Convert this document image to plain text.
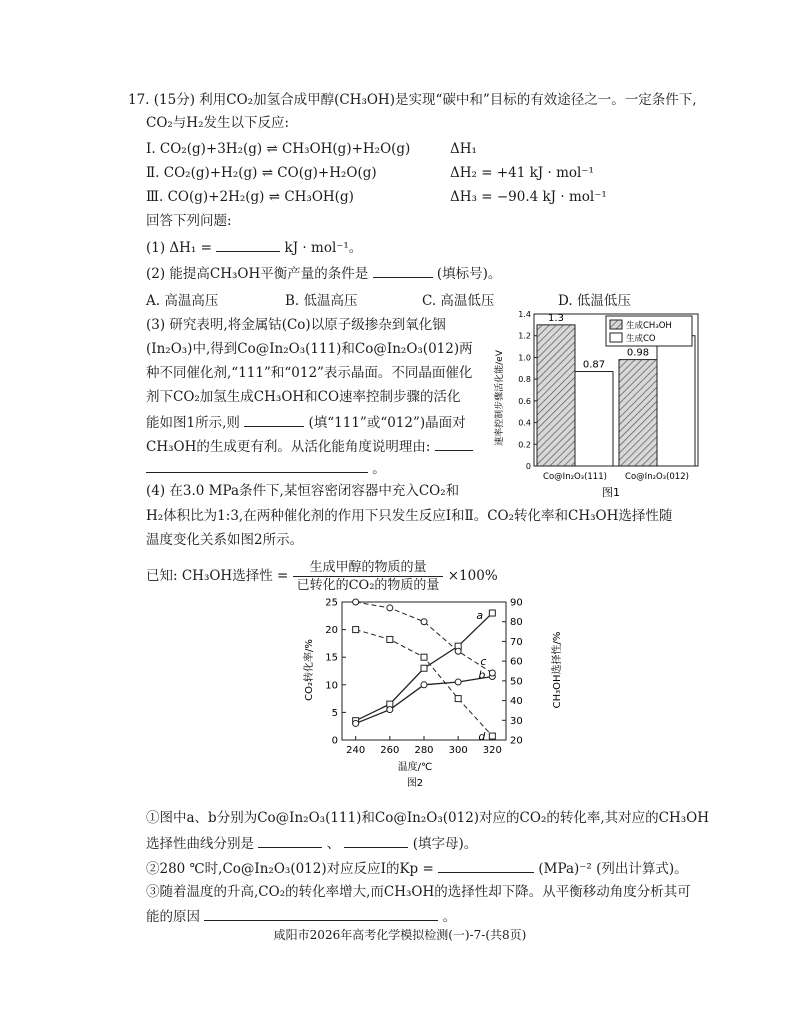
17. (15分) 利用CO₂加氢合成甲醇(CH₃OH)是实现“碳中和”目标的有效途径之一。一定条件下,
CO₂与H₂发生以下反应:
Ⅰ. CO₂(g)+3H₂(g) ⇌ CH₃OH(g)+H₂O(g)	ΔH₁
Ⅱ. CO₂(g)+H₂(g) ⇌ CO(g)+H₂O(g)	ΔH₂ = +41 kJ · mol⁻¹
Ⅲ. CO(g)+2H₂(g) ⇌ CH₃OH(g)	ΔH₃ = −90.4 kJ · mol⁻¹
回答下列问题:
(1) ΔH₁ =	kJ · mol⁻¹。
(2) 能提高CH₃OH平衡产量的条件是	(填标号)。
A. 高温高压	B. 低温高压	C. 高温低压	D. 低温低压
(3) 研究表明,将金属钴(Co)以原子级掺杂到氧化铟
(In₂O₃)中,得到Co@In₂O₃(111)和Co@In₂O₃(012)两
种不同催化剂,“111”和“012”表示晶面。不同晶面催化
剂下CO₂加氢生成CH₃OH和CO速率控制步骤的活化
能如图1所示,则	(填“111”或“012”)晶面对
CH₃OH的生成更有利。从活化能角度说明理由:
。	0
0.2
0.4
0.6
0.8
1.0
1.2
1.4 1.3
0.87
Co@In₂O₃(111)
0.98
Co@In₂O₃(012)
生成CH₃OH
生成CO
速率控制步骤活化能/eV
图1
(4) 在3.0 MPa条件下,某恒容密闭容器中充入CO₂和
H₂体积比为1:3,在两种催化剂的作用下只发生反应Ⅰ和Ⅱ。CO₂转化率和CH₃OH选择性随
温度变化关系如图2所示。
已知: CH₃OH选择性 = $\frac{\text{生成甲醇的物质的量}}{\text{已转化的CO₂的物质的量}} \times 100\%$
0
5
10
15
20
25
20
30
40
50
60
70
80
90
240 260 280 300 320
a
b
c
d
CO₂转化率/%	CH₃OH选择性/%
温度/℃
图2
①图中a、b分别为Co@In₂O₃(111)和Co@In₂O₃(012)对应的CO₂的转化率,其对应的CH₃OH
选择性曲线分别是	、	(填字母)。
②280 ℃时,Co@In₂O₃(012)对应反应Ⅰ的Kp =	(MPa)⁻² (列出计算式)。
③随着温度的升高,CO₂的转化率增大,而CH₃OH的选择性却下降。从平衡移动角度分析其可
能的原因	。
咸阳市2026年高考化学模拟检测(一)-7-(共8页)
